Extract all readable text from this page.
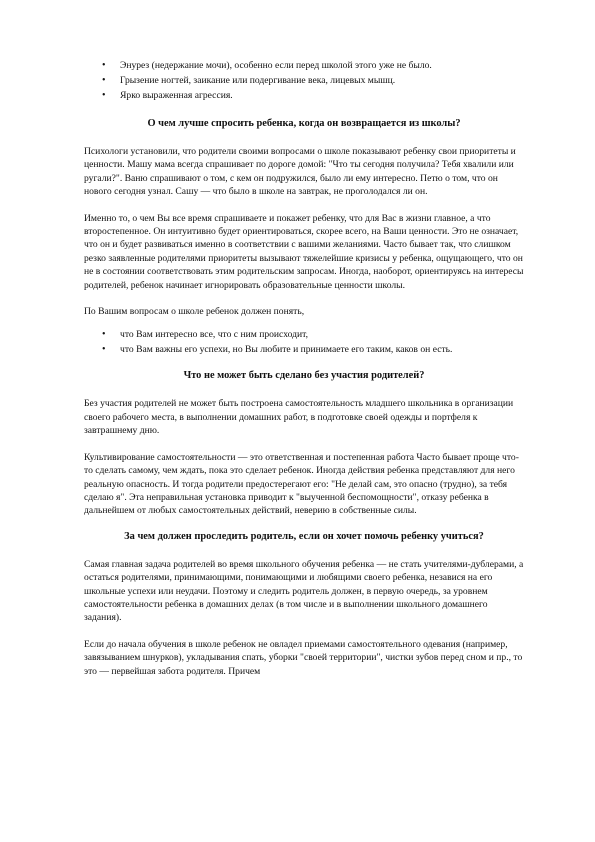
• Энурез (недержание мочи), особенно если перед школой этого уже не было.
• Грызение ногтей, заикание или подергивание века, лицевых мышц.
• Ярко выраженная агрессия.

О чем лучше спросить ребенка, когда он возвращается из школы?

Психологи установили, что родители своими вопросами о школе показывают ребенку свои приоритеты и ценности. Машу мама всегда спрашивает по дороге домой: "Что ты сегодня получила? Тебя хвалили или ругали?". Ваню спрашивают о том, с кем он подружился, было ли ему интересно. Петю о том, что он нового сегодня узнал. Сашу — что было в школе на завтрак, не проголодался ли он.

Именно то, о чем Вы все время спрашиваете и покажет ребенку, что для Вас в жизни главное, а что второстепенное. Он интуитивно будет ориентироваться, скорее всего, на Ваши ценности. Это не означает, что он и будет развиваться именно в соответствии с вашими желаниями. Часто бывает так, что слишком резко заявленные родителями приоритеты вызывают тяжелейшие кризисы у ребенка, ощущающего, что он не в состоянии соответствовать этим родительским запросам. Иногда, наоборот, ориентируясь на интересы родителей, ребенок начинает игнорировать образовательные ценности школы.

По Вашим вопросам о школе ребенок должен понять,

• что Вам интересно все, что с ним происходит,
• что Вам важны его успехи, но Вы любите и принимаете его таким, каков он есть.

Что не может быть сделано без участия родителей?

Без участия родителей не может быть построена самостоятельность младшего школьника в организации своего рабочего места, в выполнении домашних работ, в подготовке своей одежды и портфеля к завтрашнему дню.

Культивирование самостоятельности — это ответственная и постепенная работа Часто бывает проще что-то сделать самому, чем ждать, пока это сделает ребенок. Иногда действия ребенка представляют для него реальную опасность. И тогда родители предостерегают его: "Не делай сам, это опасно (трудно), за тебя сделаю я". Эта неправильная установка приводит к "выученной беспомощности", отказу ребенка в дальнейшем от любых самостоятельных действий, неверию в собственные силы.

За чем должен проследить родитель, если он хочет помочь ребенку учиться?

Самая главная задача родителей во время школьного обучения ребенка — не стать учителями-дублерами, а остаться родителями, принимающими, понимающими и любящими своего ребенка, независя на его школьные успехи или неудачи. Поэтому и следить родитель должен, в первую очередь, за уровнем самостоятельности ребенка в домашних делах (в том числе и в выполнении школьного домашнего задания).

Если до начала обучения в школе ребенок не овладел приемами самостоятельного одевания (например, завязыванием шнурков), укладывания спать, уборки "своей территории", чистки зубов перед сном и пр., то это — первейшая забота родителя. Причем
